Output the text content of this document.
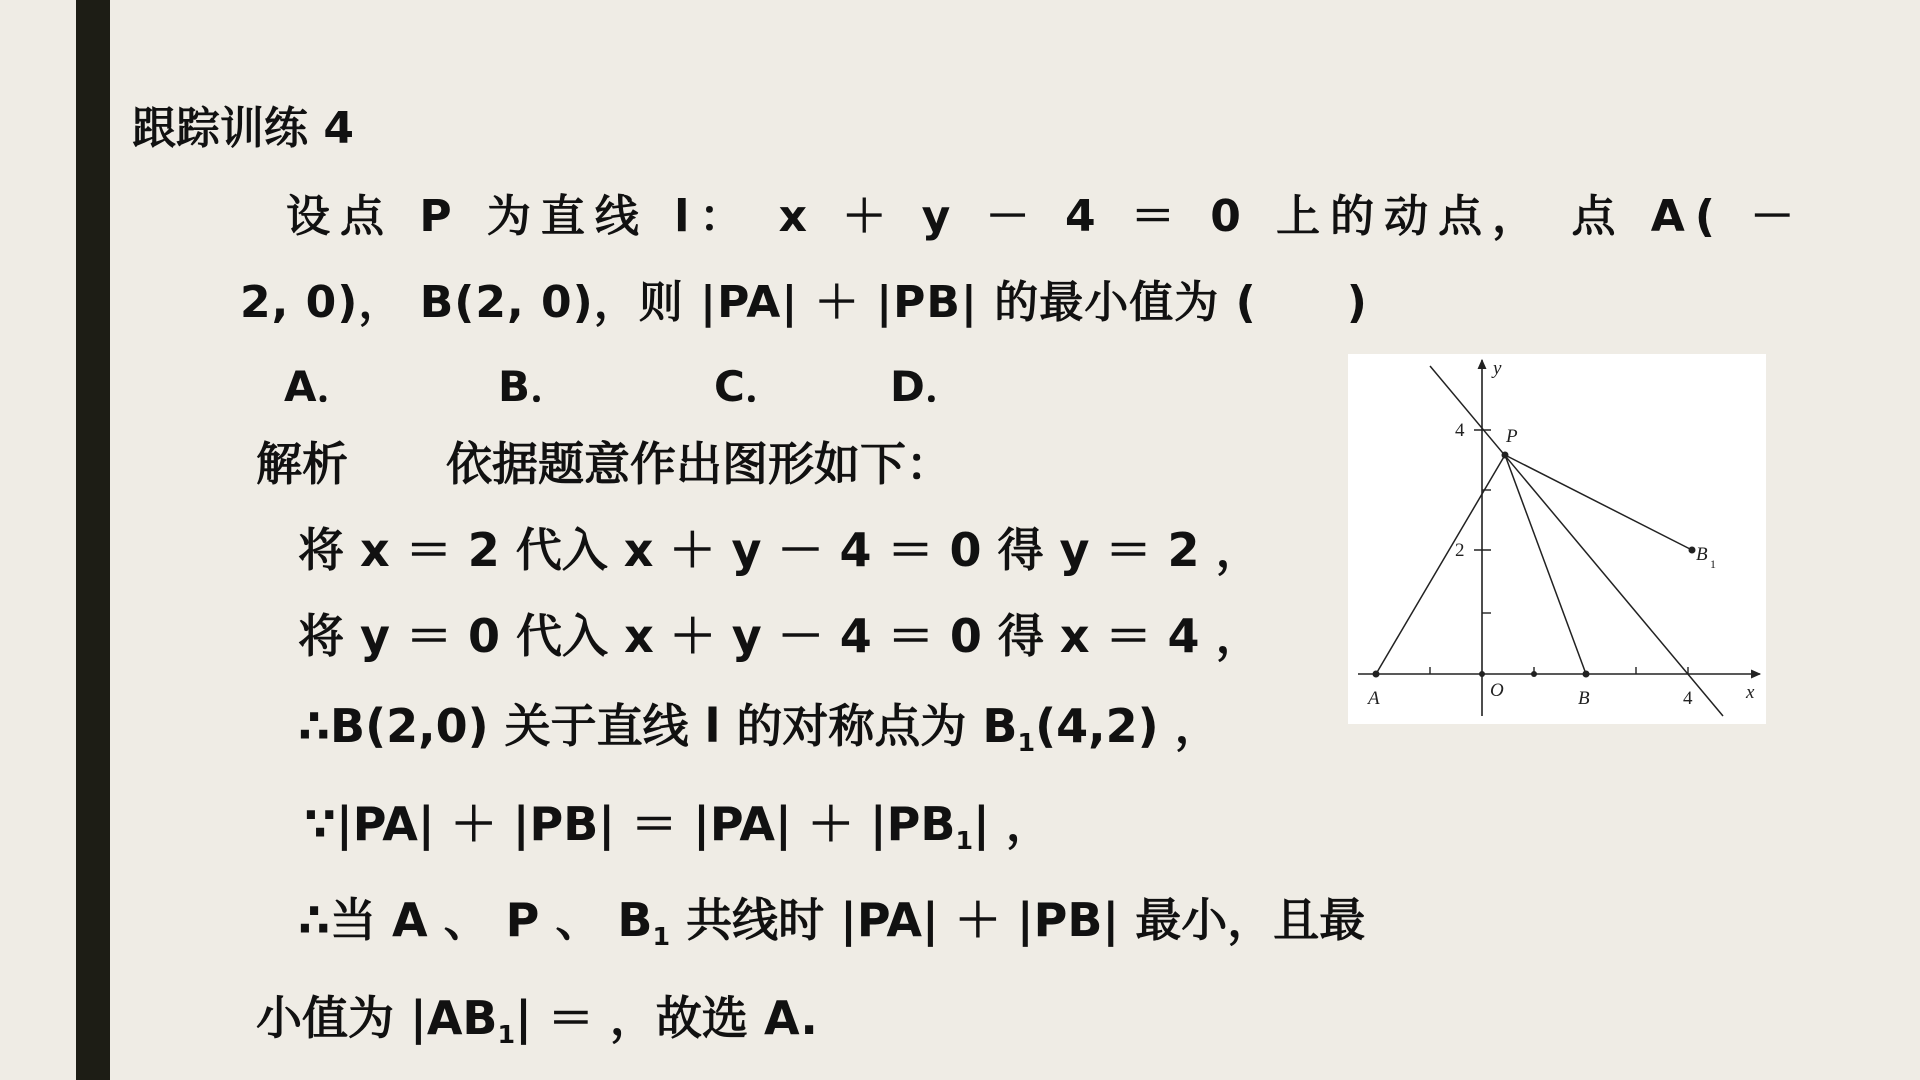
跟踪训练 4
设点 P 为直线 l： x ＋ y － 4 ＝ 0 上的动点， 点 A( －
2, 0)， B(2, 0)，则 |PA| ＋ |PB| 的最小值为 (　　)
A．	B．	C． D．
解析 依据题意作出图形如下：
将 x ＝ 2 代入 x ＋ y － 4 ＝ 0 得 y ＝ 2 ，
将 y ＝ 0 代入 x ＋ y － 4 ＝ 0 得 x ＝ 4 ，
∴B(2,0) 关于直线 l 的对称点为 $B_1(4,2)$ ，
∵|PA| ＋ $|PB| = |PA| + |PB_1|$ ，
∴当 A 、 P 、 $B_1$ 共线时 |PA| ＋ |PB| 最小，且最
小值为 $|AB_1|$ ＝ ，故选 A.
y
x
O
A	B
P
B 1
4
2
4
